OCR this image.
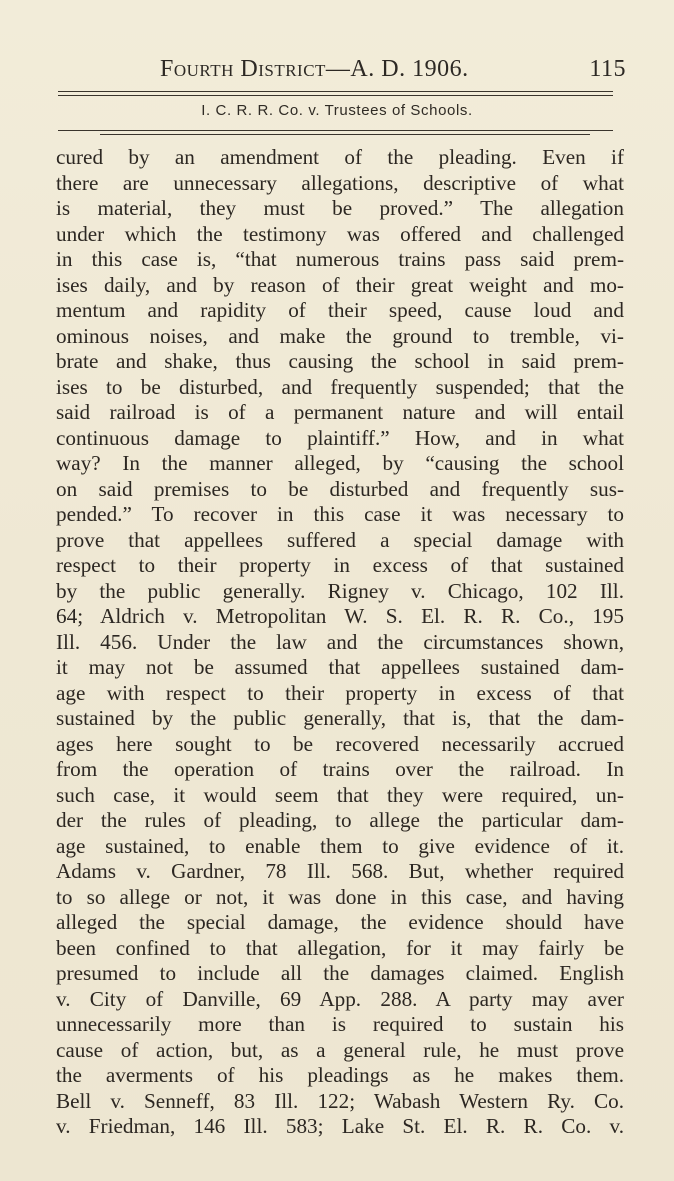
Fourth District—A. D. 1906.	115
I. C. R. R. Co. v. Trustees of Schools.
cured by an amendment of the pleading. Even if
there are unnecessary allegations, descriptive of what
is material, they must be proved.” The allegation
under which the testimony was offered and challenged
in this case is, “that numerous trains pass said prem-
ises daily, and by reason of their great weight and mo-
mentum and rapidity of their speed, cause loud and
ominous noises, and make the ground to tremble, vi-
brate and shake, thus causing the school in said prem-
ises to be disturbed, and frequently suspended; that the
said railroad is of a permanent nature and will entail
continuous damage to plaintiff.” How, and in what
way? In the manner alleged, by “causing the school
on said premises to be disturbed and frequently sus-
pended.” To recover in this case it was necessary to
prove that appellees suffered a special damage with
respect to their property in excess of that sustained
by the public generally. Rigney v. Chicago, 102 Ill.
64; Aldrich v. Metropolitan W. S. El. R. R. Co., 195
Ill. 456. Under the law and the circumstances shown,
it may not be assumed that appellees sustained dam-
age with respect to their property in excess of that
sustained by the public generally, that is, that the dam-
ages here sought to be recovered necessarily accrued
from the operation of trains over the railroad. In
such case, it would seem that they were required, un-
der the rules of pleading, to allege the particular dam-
age sustained, to enable them to give evidence of it.
Adams v. Gardner, 78 Ill. 568. But, whether required
to so allege or not, it was done in this case, and having
alleged the special damage, the evidence should have
been confined to that allegation, for it may fairly be
presumed to include all the damages claimed. English
v. City of Danville, 69 App. 288. A party may aver
unnecessarily more than is required to sustain his
cause of action, but, as a general rule, he must prove
the averments of his pleadings as he makes them.
Bell v. Senneff, 83 Ill. 122; Wabash Western Ry. Co.
v. Friedman, 146 Ill. 583; Lake St. El. R. R. Co. v.
